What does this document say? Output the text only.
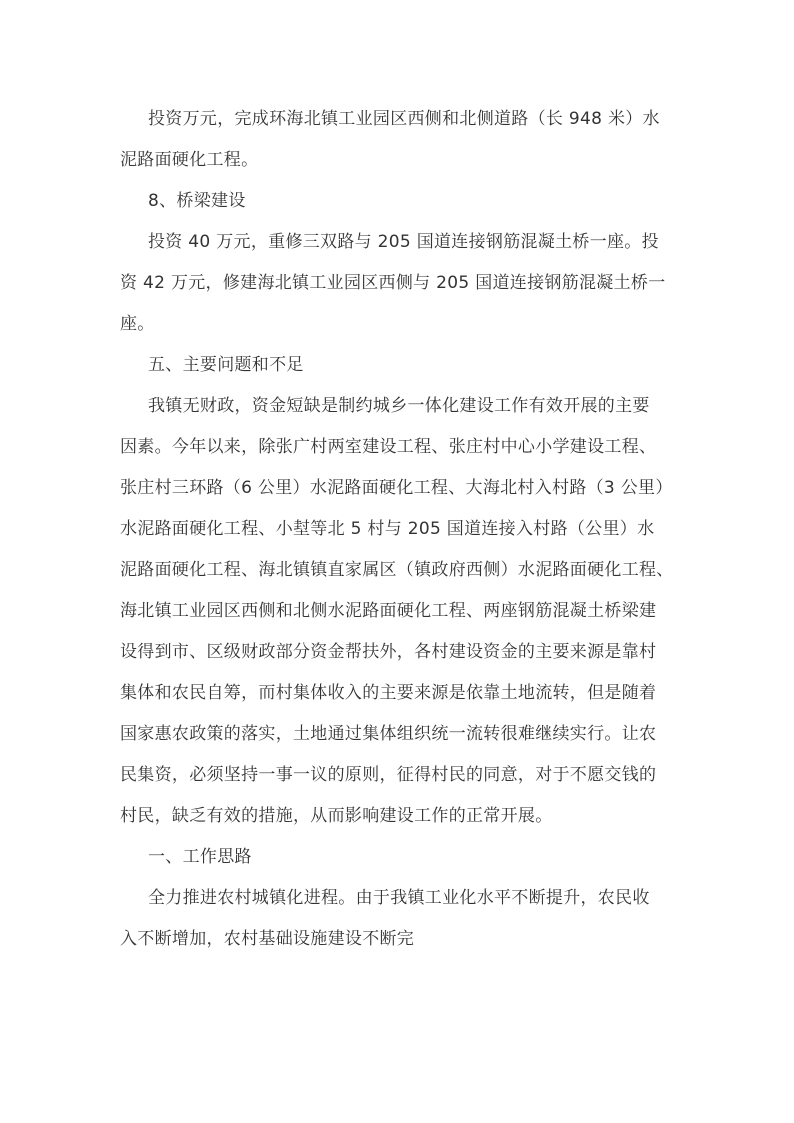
投资万元，完成环海北镇工业园区西侧和北侧道路（长 948 米）水
泥路面硬化工程。
8、桥梁建设
投资 40 万元，重修三双路与 205 国道连接钢筋混凝土桥一座。投
资 42 万元，修建海北镇工业园区西侧与 205 国道连接钢筋混凝土桥一
座。
五、主要问题和不足
我镇无财政，资金短缺是制约城乡一体化建设工作有效开展的主要
因素。今年以来，除张广村两室建设工程、张庄村中心小学建设工程、
张庄村三环路（6 公里）水泥路面硬化工程、大海北村入村路（3 公里）
水泥路面硬化工程、小堼等北 5 村与 205 国道连接入村路（公里）水
泥路面硬化工程、海北镇镇直家属区（镇政府西侧）水泥路面硬化工程、
海北镇工业园区西侧和北侧水泥路面硬化工程、两座钢筋混凝土桥梁建
设得到市、区级财政部分资金帮扶外，各村建设资金的主要来源是靠村
集体和农民自筹，而村集体收入的主要来源是依靠土地流转，但是随着
国家惠农政策的落实，土地通过集体组织统一流转很难继续实行。让农
民集资，必须坚持一事一议的原则，征得村民的同意，对于不愿交钱的
村民，缺乏有效的措施，从而影响建设工作的正常开展。
一、工作思路
全力推进农村城镇化进程。由于我镇工业化水平不断提升，农民收
入不断增加，农村基础设施建设不断完
